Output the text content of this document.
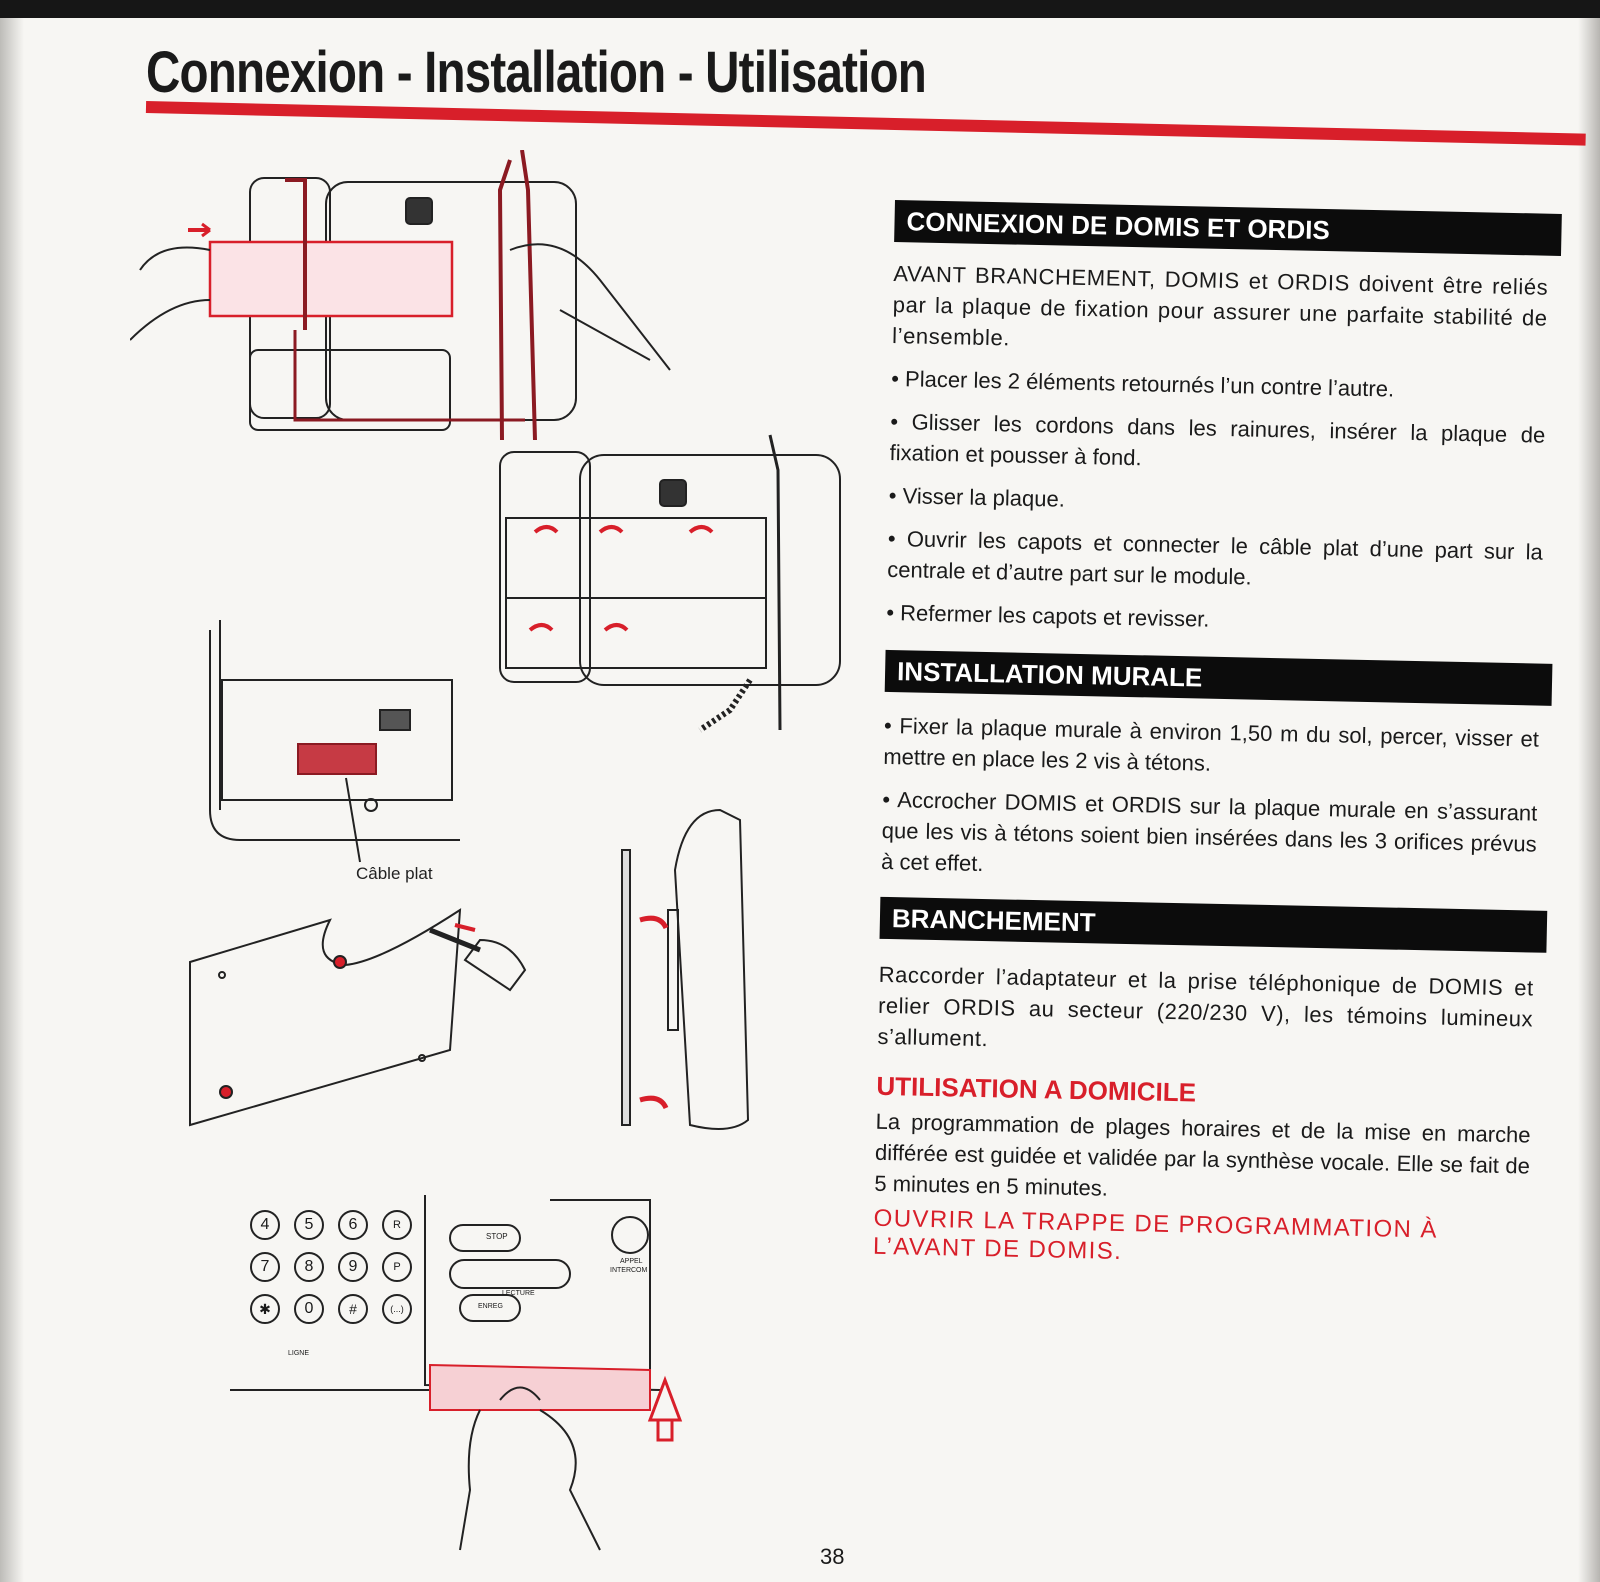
Connexion - Installation - Utilisation
4	5	6	R
7	8	9	P
✱	0	#	(...)
STOP
LECTURE
ENREG
APPEL
INTERCOM
LIGNE
Câble plat
CONNEXION DE DOMIS ET ORDIS

AVANT BRANCHEMENT, DOMIS et ORDIS doivent être reliés par la plaque de fixation pour assurer une parfaite stabilité de l’ensemble.

• Placer les 2 éléments retournés l’un contre l’autre.

• Glisser les cordons dans les rainures, insérer la plaque de fixation et pousser à fond.

• Visser la plaque.

• Ouvrir les capots et connecter le câble plat d’une part sur la centrale et d’autre part sur le module.

• Refermer les capots et revisser.

INSTALLATION MURALE

• Fixer la plaque murale à environ 1,50 m du sol, percer, visser et mettre en place les 2 vis à tétons.

• Accrocher DOMIS et ORDIS sur la plaque murale en s’assurant que les vis à tétons soient bien insérées dans les 3 orifices prévus à cet effet.

BRANCHEMENT

Raccorder l’adaptateur et la prise téléphonique de DOMIS et relier ORDIS au secteur (220/230 V), les témoins lumineux s’allument.

UTILISATION A DOMICILE

La programmation de plages horaires et de la mise en marche différée est guidée et validée par la synthèse vocale. Elle se fait de 5 minutes en 5 minutes.

OUVRIR LA TRAPPE DE PROGRAMMATION À L’AVANT DE DOMIS.

38
